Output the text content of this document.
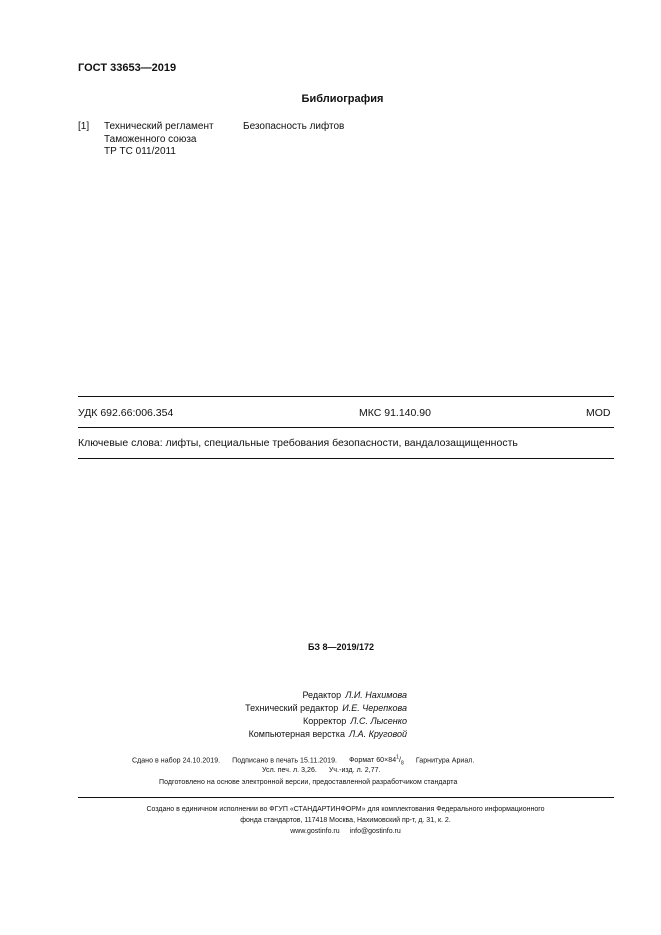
ГОСТ 33653—2019
Библиография
[1] Технический регламент
Таможенного союза
ТР ТС 011/2011
Безопасность лифтов
УДК 692.66:006.354	МКС 91.140.90	MOD
Ключевые слова: лифты, специальные требования безопасности, вандалозащищенность
БЗ 8—2019/172
Редактор Л.И. Нахимова
Технический редактор И.Е. Черепкова
Корректор Л.С. Лысенко
Компьютерная верстка Л.А. Круговой
Сдано в набор 24.10.2019. Подписано в печать 15.11.2019. Формат $60\times 84^1/_8$ Гарнитура Ариал.
Усл. печ. л. 3,26. Уч.-изд. л. 2,77.
Подготовлено на основе электронной версии, предоставленной разработчиком стандарта
Создано в единичном исполнении во ФГУП «СТАНДАРТИНФОРМ» для комплектования Федерального информационного
фонда стандартов, 117418 Москва, Нахимовский пр-т, д. 31, к. 2.
www.gostinfo.ru info@gostinfo.ru
